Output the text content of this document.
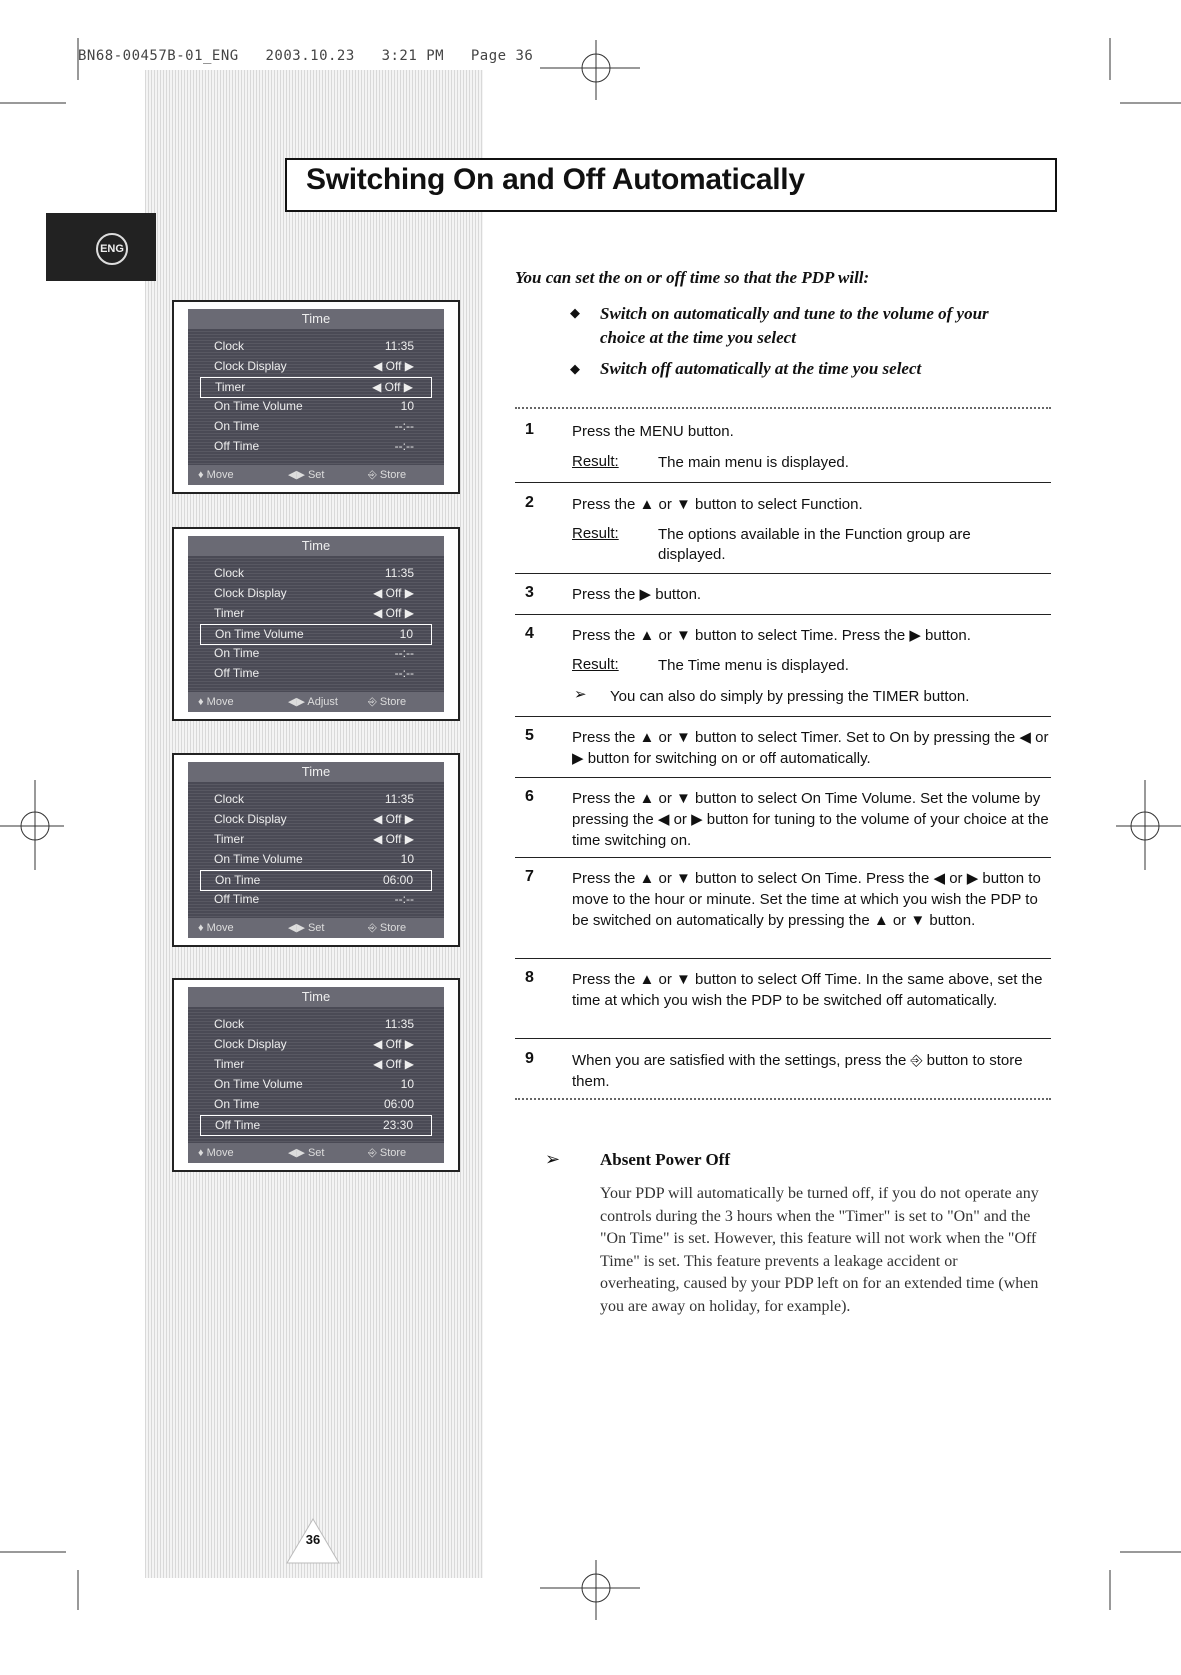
BN68-00457B-01_ENG   2003.10.23   3:21 PM   Page 36
Switching On and Off Automatically
ENG
Time
Clock	11:35
Clock Display	◀ Off ▶
Timer	◀ Off ▶
On Time Volume	10
On Time	--:--
Off Time	--:--
♦ Move	◀▶ Set	⎆ Store
Time
Clock	11:35
Clock Display	◀ Off ▶
Timer	◀ Off ▶
On Time Volume	10
On Time	--:--
Off Time	--:--
♦ Move	◀▶ Adjust	⎆ Store
Time
Clock	11:35
Clock Display	◀ Off ▶
Timer	◀ Off ▶
On Time Volume	10
On Time	06:00
Off Time	--:--
♦ Move	◀▶ Set	⎆ Store
Time
Clock	11:35
Clock Display	◀ Off ▶
Timer	◀ Off ▶
On Time Volume	10
On Time	06:00
Off Time	23:30
♦ Move	◀▶ Set	⎆ Store
You can set the on or off time so that the PDP will:
◆ Switch on automatically and tune to the volume of your choice at the time you select
◆ Switch off automatically at the time you select
1	Press the MENU button.
Result:	The main menu is displayed.
2	Press the ▲ or ▼ button to select Function.
Result:	The options available in the Function group are displayed.
3	Press the ▶ button.
4	Press the ▲ or ▼ button to select Time. Press the ▶ button.
Result:	The Time menu is displayed.
➢ You can also do simply by pressing the TIMER button.
5	Press the ▲ or ▼ button to select Timer. Set to On by pressing the ◀ or ▶ button for switching on or off automatically.
6	Press the ▲ or ▼ button to select On Time Volume. Set the volume by pressing the ◀ or ▶ button for tuning to the volume of your choice at the time switching on.
7	Press the ▲ or ▼ button to select On Time. Press the ◀ or ▶ button to move to the hour or minute. Set the time at which you wish the PDP to be switched on automatically by pressing the ▲ or ▼ button.
8	Press the ▲ or ▼ button to select Off Time. In the same above, set the time at which you wish the PDP to be switched off automatically.
9	When you are satisfied with the settings, press the ⎆ button to store them.
➢ Absent Power Off
Your PDP will automatically be turned off, if you do not operate any controls during the 3 hours when the "Timer" is set to "On" and the "On Time" is set. However, this feature will not work when the "Off Time" is set. This feature prevents a leakage accident or overheating, caused by your PDP left on for an extended time (when you are away on holiday, for example).
36
